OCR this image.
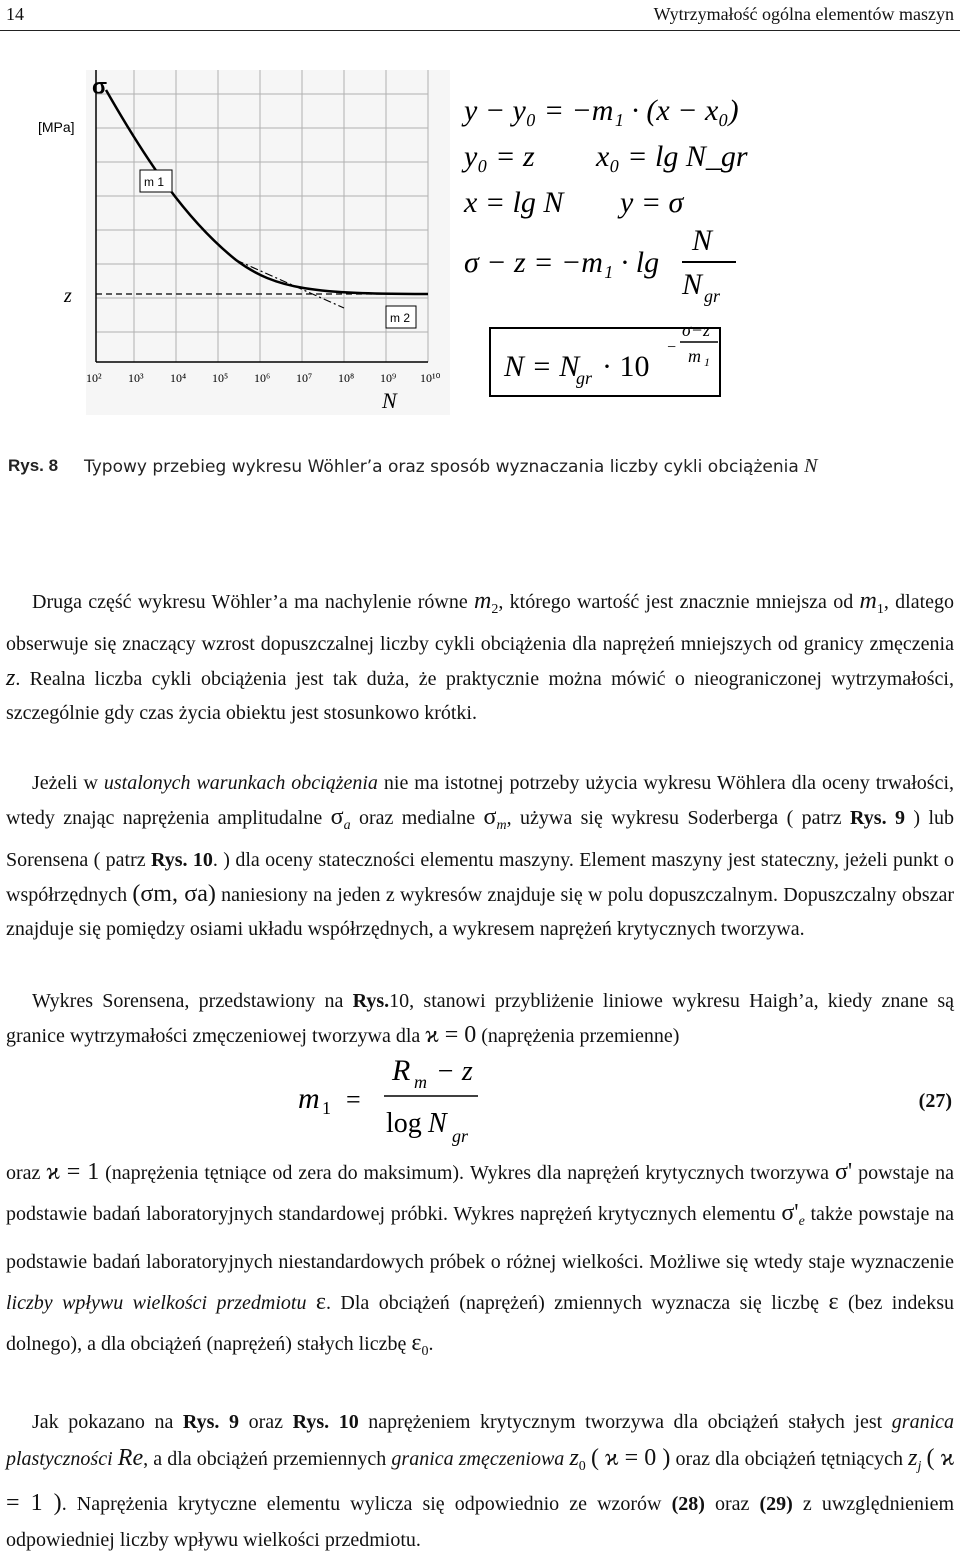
14	Wytrzymałość ogólna elementów maszyn
σ
[MPa]
z
m 1
m 2
10² 10³ 10⁴ 10⁵ 10⁶ 10⁷ 10⁸ 10⁹ 10¹⁰
N
y − y₀ = −m₁ · (x − x₀)
y₀ = z x₀ = lg N_gr
x = lg N y = σ
σ − z = −m₁ · lg
N
N gr
N = N
gr · 10
σ−z
− m 1
Rys. 8 Typowy przebieg wykresu Wöhler’a oraz sposób wyznaczania liczby cykli obciążenia N
Druga część wykresu Wöhler’a ma nachylenie równe $m_2$, którego wartość jest znacznie mniejsza od $m_1$, dlatego obserwuje się znaczący wzrost dopuszczalnej liczby cykli obciążenia dla naprężeń mniejszych od granicy zmęczenia z. Realna liczba cykli obciążenia jest tak duża, że praktycznie można mówić o nieograniczonej wytrzymałości, szczególnie gdy czas życia obiektu jest stosunkowo krótki.
Jeżeli w ustalonych warunkach obciążenia nie ma istotnej potrzeby użycia wykresu Wöhlera dla oceny trwałości, wtedy znając naprężenia amplitudalne $\sigma_a$ oraz medialne $\sigma_m$, używa się wykresu Soderberga ( patrz Rys. 9 ) lub Sorensena ( patrz Rys. 10. ) dla oceny stateczności elementu maszyny. Element maszyny jest stateczny, jeżeli punkt o współrzędnych (σm, σa) naniesiony na jeden z wykresów znajduje się w polu dopuszczalnym. Dopuszczalny obszar znajduje się pomiędzy osiami układu współrzędnych, a wykresem naprężeń krytycznych tworzywa.
Wykres Sorensena, przedstawiony na Rys.10, stanowi przybliżenie liniowe wykresu Haigh’a, kiedy znane są granice wytrzymałości zmęczeniowej tworzywa dla ϰ = 0 (naprężenia przemienne)
m 1 =
R m − z
log N gr
(27)
oraz ϰ = 1 (naprężenia tętniące od zera do maksimum). Wykres dla naprężeń krytycznych tworzywa σ' powstaje na podstawie badań laboratoryjnych standardowej próbki. Wykres naprężeń krytycznych elementu $\sigma'_e$ także powstaje na podstawie badań laboratoryjnych niestandardowych próbek o różnej wielkości. Możliwe się wtedy staje wyznaczenie liczby wpływu wielkości przedmiotu ε. Dla obciążeń (naprężeń) zmiennych wyznacza się liczbę ε (bez indeksu dolnego), a dla obciążeń (naprężeń) stałych liczbę $\varepsilon_0$.
Jak pokazano na Rys. 9 oraz Rys. 10 naprężeniem krytycznym tworzywa dla obciążeń stałych jest granica plastyczności Re, a dla obciążeń przemiennych granica zmęczeniowa $z_0$ ( ϰ = 0 ) oraz dla obciążeń tętniących $z_j$ ( ϰ = 1 ). Naprężenia krytyczne elementu wylicza się odpowiednio ze wzorów (28) oraz (29) z uwzględnieniem odpowiedniej liczby wpływu wielkości przedmiotu.
